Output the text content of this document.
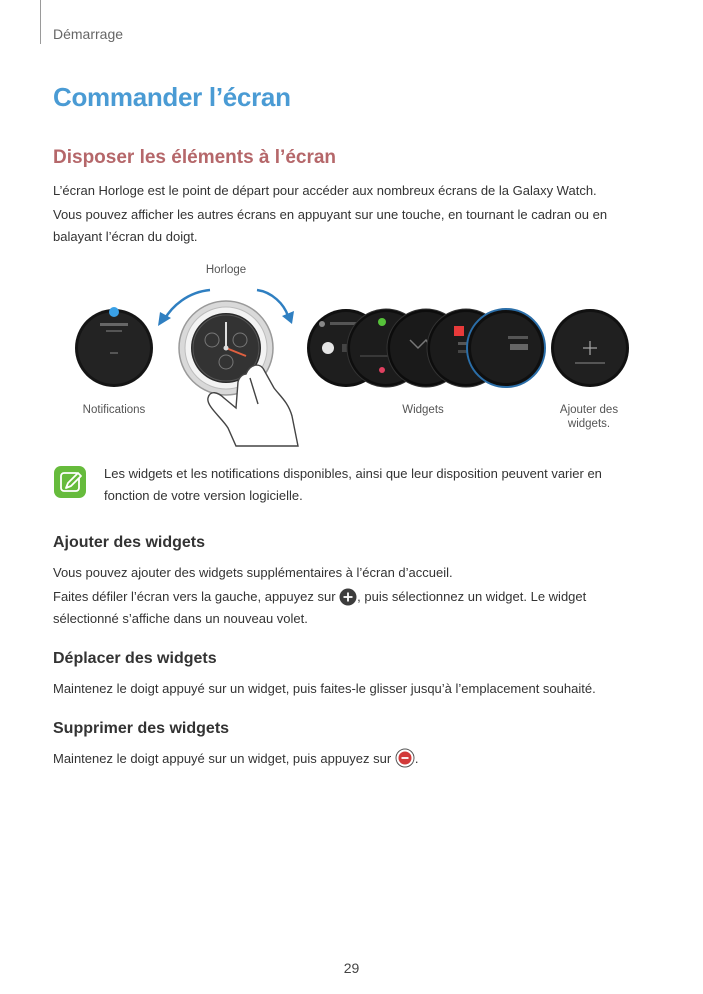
Démarrage
Commander l’écran
Disposer les éléments à l’écran
L’écran Horloge est le point de départ pour accéder aux nombreux écrans de la Galaxy Watch.
Vous pouvez afficher les autres écrans en appuyant sur une touche, en tournant le cadran ou en balayant l’écran du doigt.
Horloge
Notifications	Widgets	Ajouter des widgets.
Les widgets et les notifications disponibles, ainsi que leur disposition peuvent varier en fonction de votre version logicielle.
Ajouter des widgets
Vous pouvez ajouter des widgets supplémentaires à l’écran d’accueil.
Faites défiler l’écran vers la gauche, appuyez sur , puis sélectionnez un widget. Le widget sélectionné s’affiche dans un nouveau volet.
Déplacer des widgets
Maintenez le doigt appuyé sur un widget, puis faites-le glisser jusqu’à l’emplacement souhaité.
Supprimer des widgets
Maintenez le doigt appuyé sur un widget, puis appuyez sur .
29
